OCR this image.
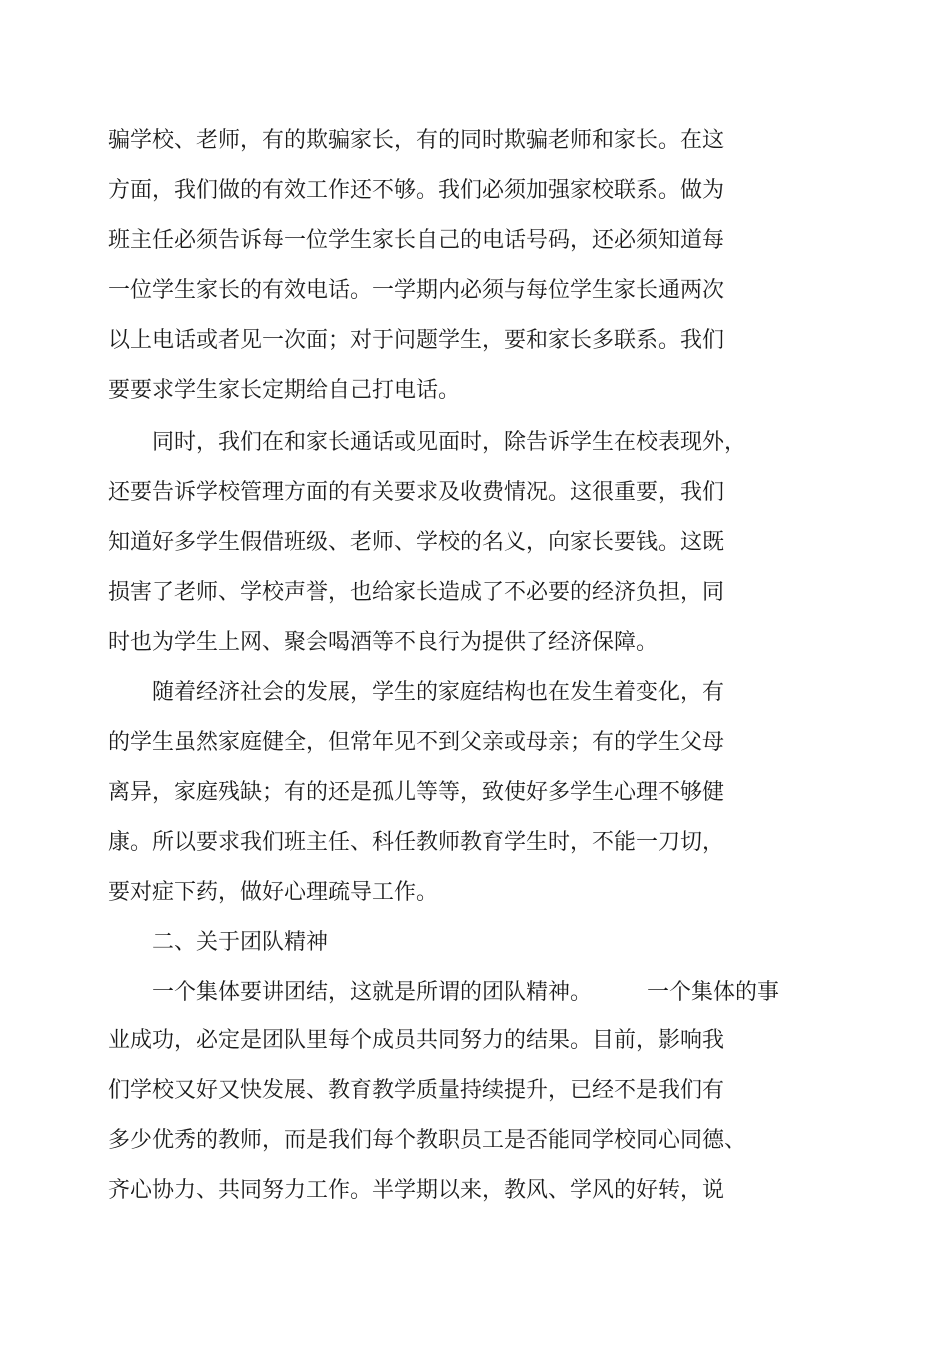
骗学校、老师，有的欺骗家长，有的同时欺骗老师和家长。在这

方面，我们做的有效工作还不够。我们必须加强家校联系。做为

班主任必须告诉每一位学生家长自己的电话号码，还必须知道每

一位学生家长的有效电话。一学期内必须与每位学生家长通两次

以上电话或者见一次面；对于问题学生，要和家长多联系。我们

要要求学生家长定期给自己打电话。

　　同时，我们在和家长通话或见面时，除告诉学生在校表现外，

还要告诉学校管理方面的有关要求及收费情况。这很重要，我们

知道好多学生假借班级、老师、学校的名义，向家长要钱。这既

损害了老师、学校声誉，也给家长造成了不必要的经济负担，同

时也为学生上网、聚会喝酒等不良行为提供了经济保障。

　　随着经济社会的发展，学生的家庭结构也在发生着变化，有

的学生虽然家庭健全，但常年见不到父亲或母亲；有的学生父母

离异，家庭残缺；有的还是孤儿等等，致使好多学生心理不够健

康。所以要求我们班主任、科任教师教育学生时，不能一刀切，

要对症下药，做好心理疏导工作。

　　二、关于团队精神

　　一个集体要讲团结，这就是所谓的团队精神。　　　一个集体的事

业成功，必定是团队里每个成员共同努力的结果。目前，影响我

们学校又好又快发展、教育教学质量持续提升，已经不是我们有

多少优秀的教师，而是我们每个教职员工是否能同学校同心同德、

齐心协力、共同努力工作。半学期以来，教风、学风的好转，说
